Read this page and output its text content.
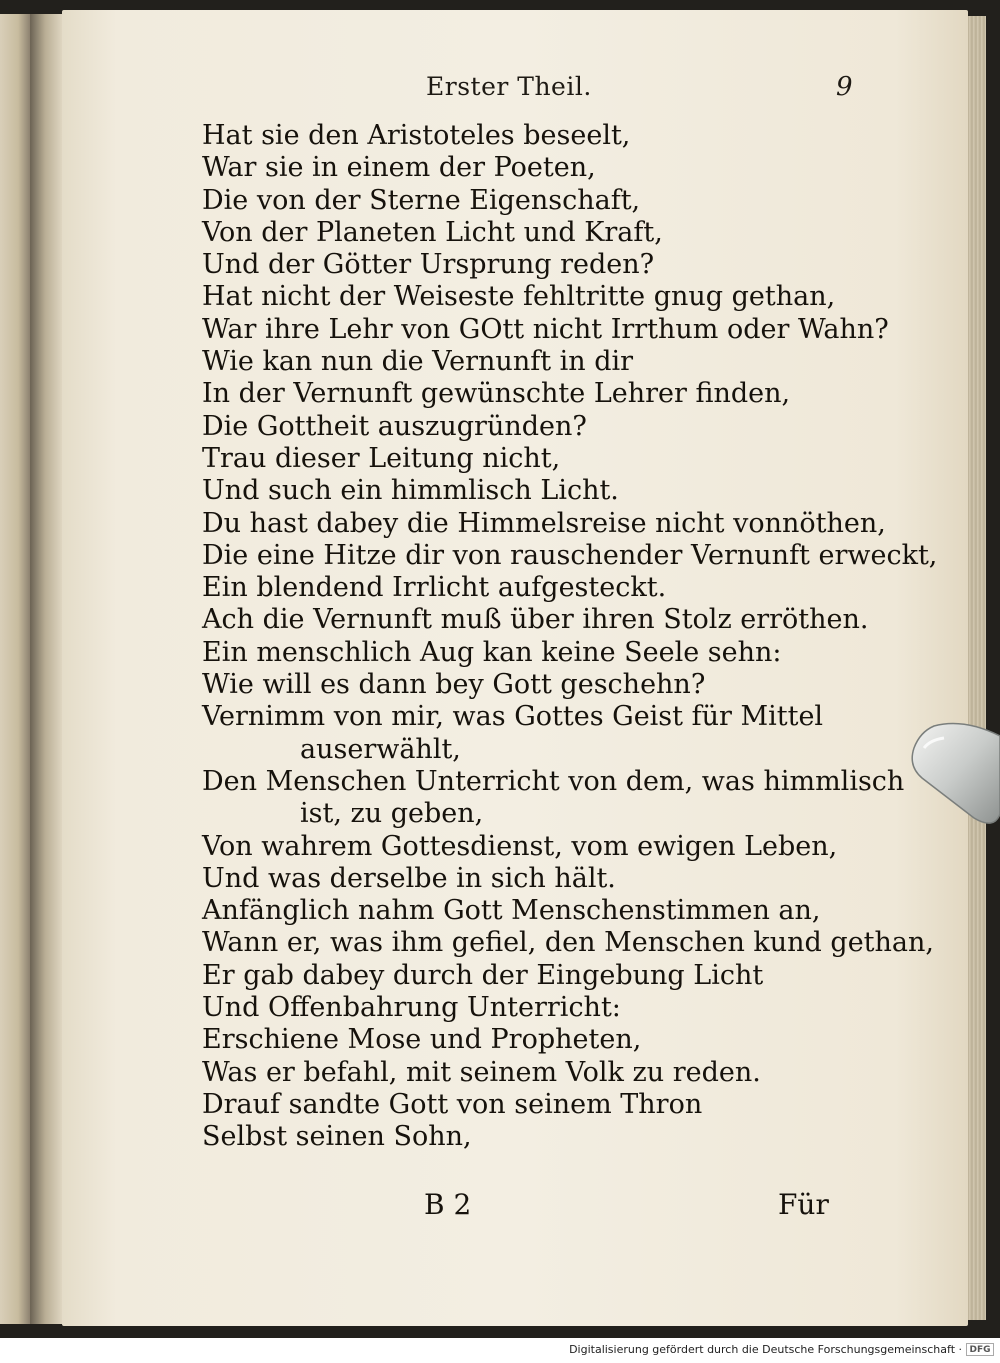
Erster Theil.	9
Hat sie den Aristoteles beseelt,
War sie in einem der Poeten,
Die von der Sterne Eigenschaft,
Von der Planeten Licht und Kraft,
Und der Götter Ursprung reden?
Hat nicht der Weiseste fehltritte gnug gethan,
War ihre Lehr von GOtt nicht Irrthum oder Wahn?
Wie kan nun die Vernunft in dir
In der Vernunft gewünschte Lehrer finden,
Die Gottheit auszugründen?
Trau dieser Leitung nicht,
Und such ein himmlisch Licht.
Du hast dabey die Himmelsreise nicht vonnöthen,
Die eine Hitze dir von rauschender Vernunft erweckt,
Ein blendend Irrlicht aufgesteckt.
Ach die Vernunft muß über ihren Stolz erröthen.
Ein menschlich Aug kan keine Seele sehn:
Wie will es dann bey Gott geschehn?
Vernimm von mir, was Gottes Geist für Mittel
auserwählt,
Den Menschen Unterricht von dem, was himmlisch
ist, zu geben,
Von wahrem Gottesdienst, vom ewigen Leben,
Und was derselbe in sich hält.
Anfänglich nahm Gott Menschenstimmen an,
Wann er, was ihm gefiel, den Menschen kund gethan,
Er gab dabey durch der Eingebung Licht
Und Offenbahrung Unterricht:
Erschiene Mose und Propheten,
Was er befahl, mit seinem Volk zu reden.
Drauf sandte Gott von seinem Thron
Selbst seinen Sohn,
B 2	Für
Digitalisierung gefördert durch die Deutsche Forschungsgemeinschaft · DFG
